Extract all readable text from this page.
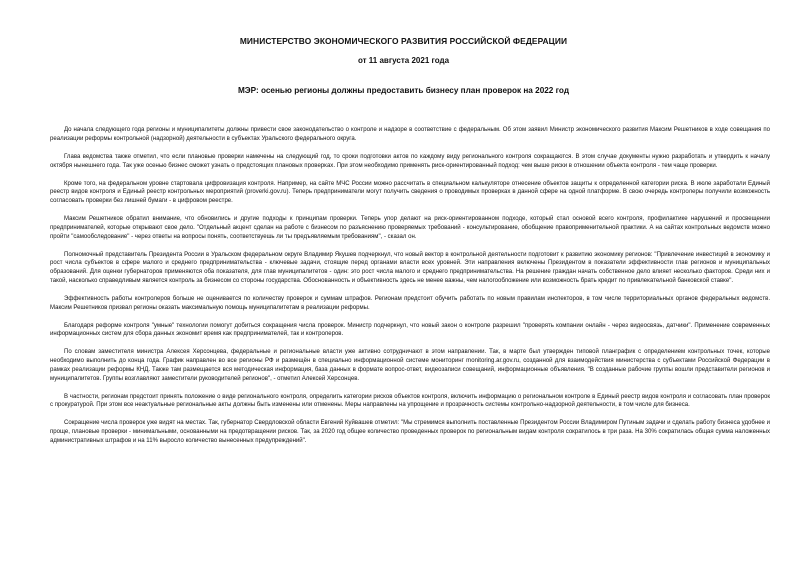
МИНИСТЕРСТВО ЭКОНОМИЧЕСКОГО РАЗВИТИЯ РОССИЙСКОЙ ФЕДЕРАЦИИ
от 11 августа 2021 года
МЭР: осенью регионы должны предоставить бизнесу план проверок на 2022 год

До начала следующего года регионы и муниципалитеты должны привести свое законодательство о контроле и надзоре в соответствие с федеральным. Об этом заявил Министр экономического развития Максим Решетников в ходе совещания по реализации реформы контрольной (надзорной) деятельности в субъектах Уральского федерального округа.

Глава ведомства также отметил, что если плановые проверки намечены на следующий год, то сроки подготовки актов по каждому виду регионального контроля сокращаются. В этом случае документы нужно разработать и утвердить к началу октября нынешнего года. Так уже осенью бизнес сможет узнать о предстоящих плановых проверках. При этом необходимо применять риск-ориентированный подход: чем выше риски в отношении объекта контроля - тем чаще проверки.

Кроме того, на федеральном уровне стартовала цифровизация контроля. Например, на сайте МЧС России можно рассчитать в специальном калькуляторе отнесение объектов защиты к определенной категории риска. В июле заработали Единый реестр видов контроля и Единый реестр контрольных мероприятий (proverki.gov.ru). Теперь предприниматели могут получить сведения о проводимых проверках в данной сфере на одной платформе. В свою очередь контролеры получили возможность согласовать проверки без лишней бумаги - в цифровом реестре.

Максим Решетников обратил внимание, что обновились и другие подходы к принципам проверки. Теперь упор делают на риск-ориентированном подходе, который стал основой всего контроля, профилактике нарушений и просвещении предпринимателей, которые открывают свое дело. "Отдельный акцент сделан на работе с бизнесом по разъяснению проверяемых требований - консультирование, обобщение правоприменительной практики. А на сайтах контрольных ведомств можно пройти "самообследование" - через ответы на вопросы понять, соответствуешь ли ты предъявляемым требованиям", - сказал он.

Полномочный представитель Президента России в Уральском федеральном округе Владимир Якушев подчеркнул, что новый вектор в контрольной деятельности подготовит к развитию экономику регионов: "Привлечение инвестиций в экономику и рост числа субъектов в сфере малого и среднего предпринимательства - ключевые задачи, стоящие перед органами власти всех уровней. Эти направления включены Президентом в показатели эффективности глав регионов и муниципальных образований. Для оценки губернаторов применяются оба показателя, для глав муниципалитетов - один: это рост числа малого и среднего предпринимательства. На решение граждан начать собственное дело влияет несколько факторов. Среди них и такой, насколько справедливым является контроль за бизнесом со стороны государства. Обоснованность и объективность здесь не менее важны, чем налогообложение или возможность брать кредит по привлекательной банковской ставке".

Эффективность работы контролеров больше не оценивается по количеству проверок и суммам штрафов. Регионам предстоит обучить работать по новым правилам инспекторов, в том числе территориальных органов федеральных ведомств. Максим Решетников призвал регионы оказать максимальную помощь муниципалитетам в реализации реформы.

Благодаря реформе контроля "умные" технологии помогут добиться сокращения числа проверок. Министр подчеркнул, что новый закон о контроле разрешил "проверять компании онлайн - через видеосвязь, датчики". Применение современных информационных систем для сбора данных экономит время как предпринимателей, так и контролеров.

По словам заместителя министра Алексея Херсонцева, федеральные и региональные власти уже активно сотрудничают в этом направлении. Так, в марте был утвержден типовой планграфик с определением контрольных точек, которые необходимо выполнить до конца года. График направлен во все регионы РФ и размещён в специально информационной системе мониторинг monitoring.ar.gov.ru, созданной для взаимодействия министерства с субъектами Российской Федерации в рамках реализации реформы КНД. Также там размещается вся методическая информация, база данных в формате вопрос-ответ, видеозаписи совещаний, информационные объявления. "В созданные рабочие группы вошли представители регионов и муниципалитетов. Группы возглавляют заместители руководителей регионов", - отметил Алексей Херсонцев.

В частности, регионам предстоит принять положение о виде регионального контроля, определить категории рисков объектов контроля, включить информацию о региональном контроле в Единый реестр видов контроля и согласовать план проверок с прокуратурой. При этом все неактуальные региональные акты должны быть изменены или отменены. Меры направлены на упрощение и прозрачность системы контрольно-надзорной деятельности, в том числе для бизнеса.

Сокращение числа проверок уже видят на местах. Так, губернатор Свердловской области Евгений Куйвашев отметил: "Мы стремимся выполнить поставленные Президентом России Владимиром Путиным задачи и сделать работу бизнеса удобнее и проще, плановые проверки - минимальными, основанными на предотвращении рисков. Так, за 2020 год общее количество проведенных проверок по региональным видам контроля сократилось в три раза. На 30% сократилась общая сумма наложенных административных штрафов и на 11% выросло количество вынесенных предупреждений".
